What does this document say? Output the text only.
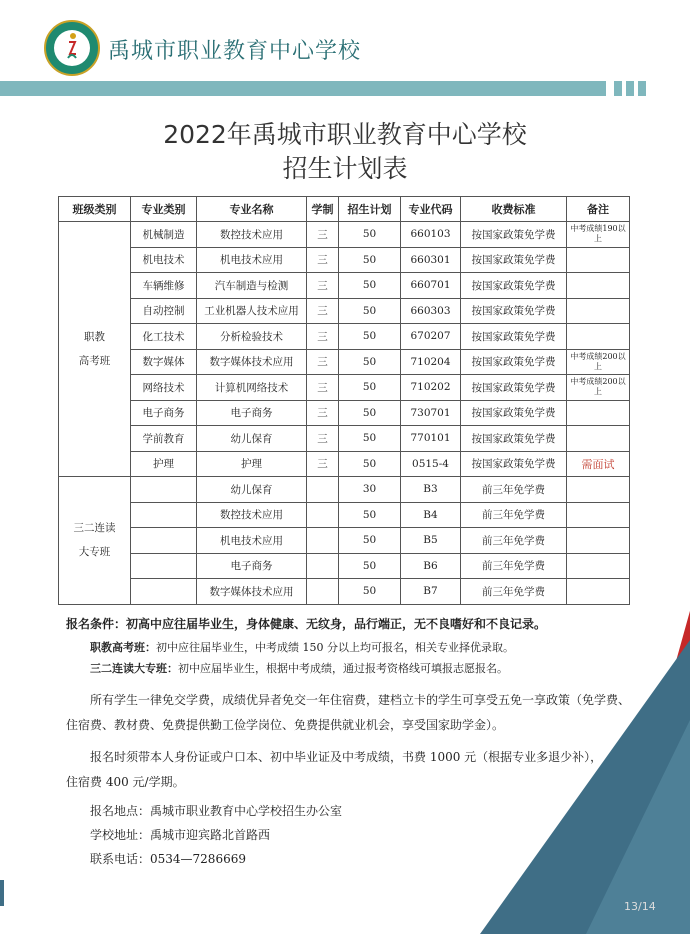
禹城市职业教育中心学校
2022年禹城市职业教育中心学校
招生计划表
班级类别	专业类别	专业名称	学制	招生计划	专业代码	收费标准	备注

职教
高考班	机械制造	数控技术应用	三	50	660103	按国家政策免学费	中考成绩190以上
	机电技术	机电技术应用	三	50	660301	按国家政策免学费	
	车辆维修	汽车制造与检测	三	50	660701	按国家政策免学费	
	自动控制	工业机器人技术应用	三	50	660303	按国家政策免学费	
	化工技术	分析检验技术	三	50	670207	按国家政策免学费	
	数字媒体	数字媒体技术应用	三	50	710204	按国家政策免学费	中考成绩200以上
	网络技术	计算机网络技术	三	50	710202	按国家政策免学费	中考成绩200以上
	电子商务	电子商务	三	50	730701	按国家政策免学费	
	学前教育	幼儿保育	三	50	770101	按国家政策免学费	
	护理	护理	三	50	0515-4	按国家政策免学费	需面试

三二连读
大专班		幼儿保育		30	B3	前三年免学费	
		数控技术应用		50	B4	前三年免学费	
		机电技术应用		50	B5	前三年免学费	
		电子商务		50	B6	前三年免学费	
		数字媒体技术应用		50	B7	前三年免学费	
报名条件：初高中应往届毕业生，身体健康、无纹身，品行端正，无不良嗜好和不良记录。
职教高考班：初中应往届毕业生，中考成绩 150 分以上均可报名，相关专业择优录取。
三二连读大专班：初中应届毕业生，根据中考成绩，通过报考资格线可填报志愿报名。
所有学生一律免交学费，成绩优异者免交一年住宿费，建档立卡的学生可享受五免一享政策（免学费、
住宿费、教材费、免费提供勤工俭学岗位、免费提供就业机会，享受国家助学金）。
报名时须带本人身份证或户口本、初中毕业证及中考成绩，书费 1000 元（根据专业多退少补），
住宿费 400 元/学期。
报名地点：禹城市职业教育中心学校招生办公室
学校地址：禹城市迎宾路北首路西
联系电话：0534—7286669
13/14
